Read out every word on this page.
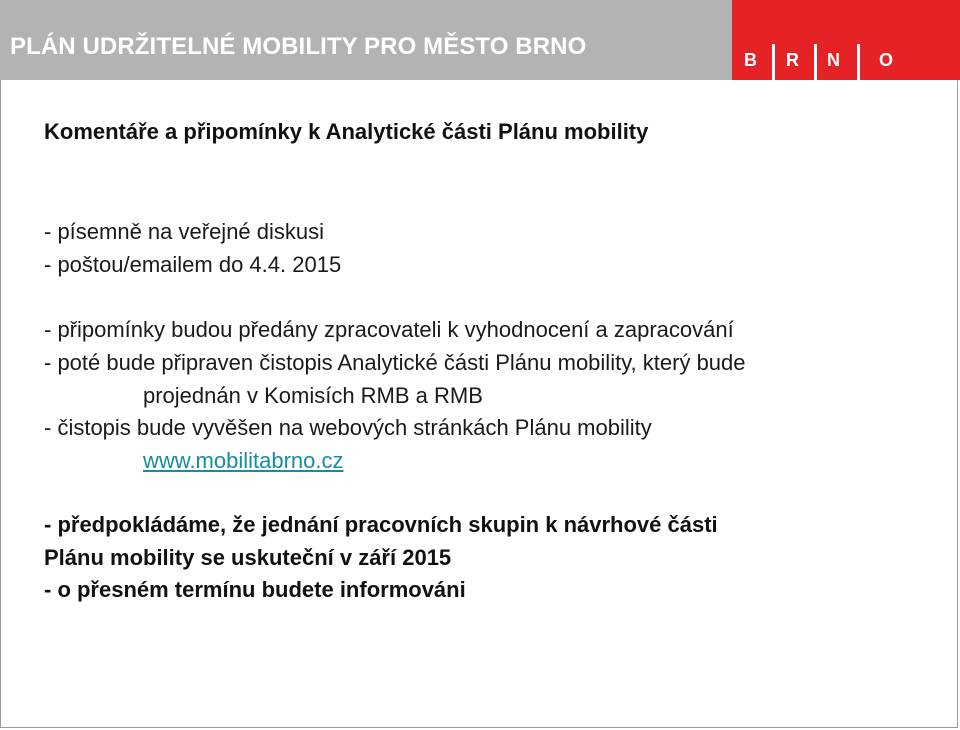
PLÁN UDRŽITELNÉ MOBILITY PRO MĚSTO BRNO	B R N O
Komentáře a připomínky k Analytické části Plánu mobility
- písemně na veřejné diskusi
- poštou/emailem do 4.4. 2015
- připomínky budou předány zpracovateli k vyhodnocení a zapracování
- poté bude připraven čistopis Analytické části Plánu mobility, který bude
projednán v Komisích RMB a RMB
- čistopis bude vyvěšen na webových stránkách Plánu mobility
www.mobilitabrno.cz
- předpokládáme, že jednání pracovních skupin k návrhové části
Plánu mobility se uskuteční v září 2015
- o přesném termínu budete informováni
